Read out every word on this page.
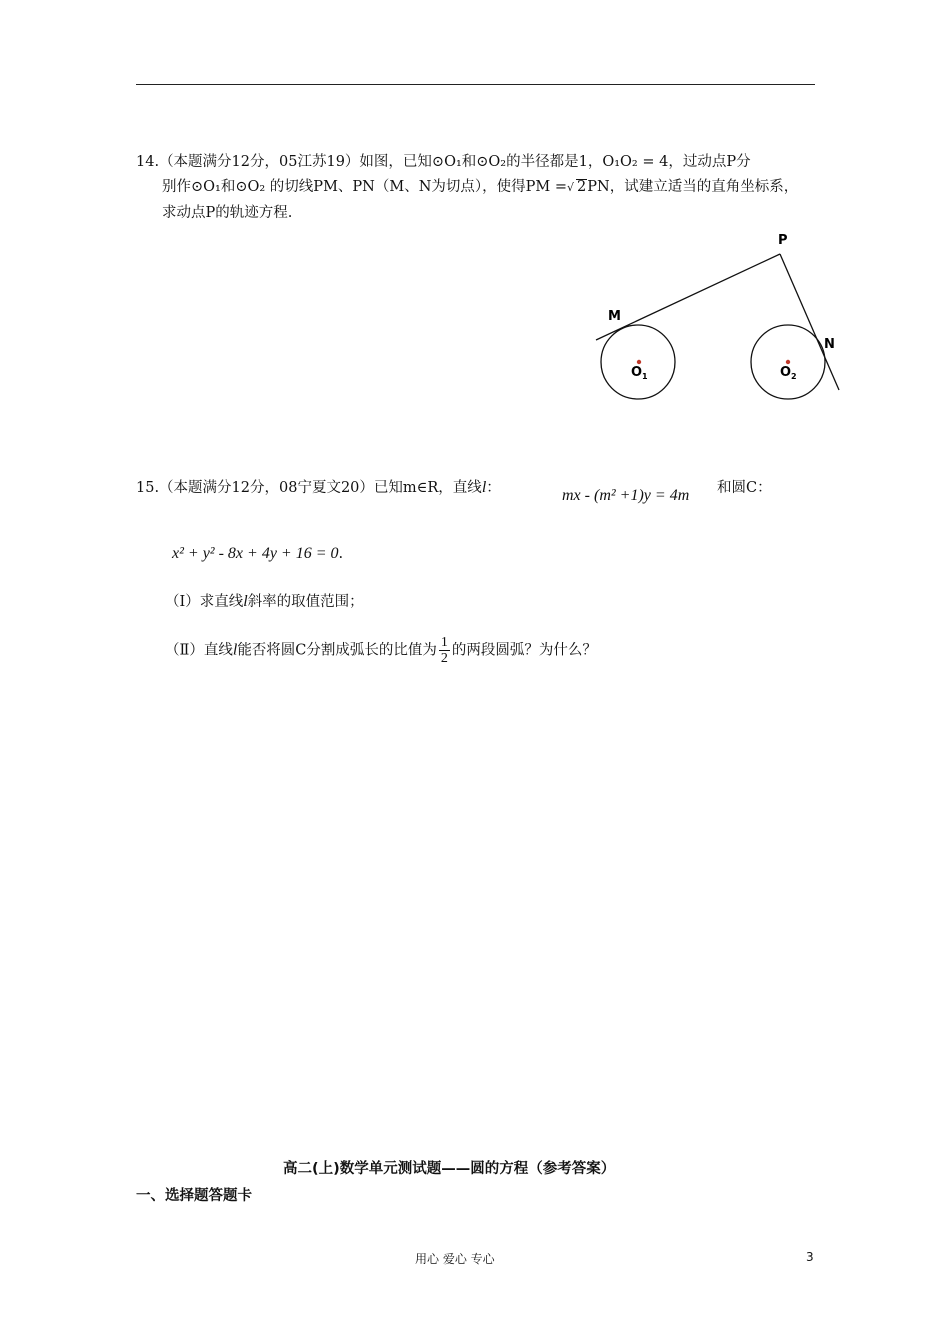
14.（本题满分12分，05江苏19）如图，已知⊙O₁和⊙O₂的半径都是1，O₁O₂ = 4，过动点P分
别作⊙O₁和⊙O₂ 的切线PM、PN（M、N为切点），使得PM =√ 2PN，试建立适当的直角坐标系，
求动点P的轨迹方程.
P
M
N
O 1	O 2
15.（本题满分12分，08宁夏文20）已知m∈R，直线l：	mx - (m² +1)y = 4m 和圆C：
x² + y² - 8x + 4y + 16 = 0.
（Ⅰ）求直线l斜率的取值范围；
（Ⅱ）直线l能否将圆C分割成弧长的比值为 $\frac{1}{2}$ 的两段圆弧？为什么？
高二(上)数学单元测试题——圆的方程（参考答案）
一、选择题答题卡
用心 爱心 专心	3
